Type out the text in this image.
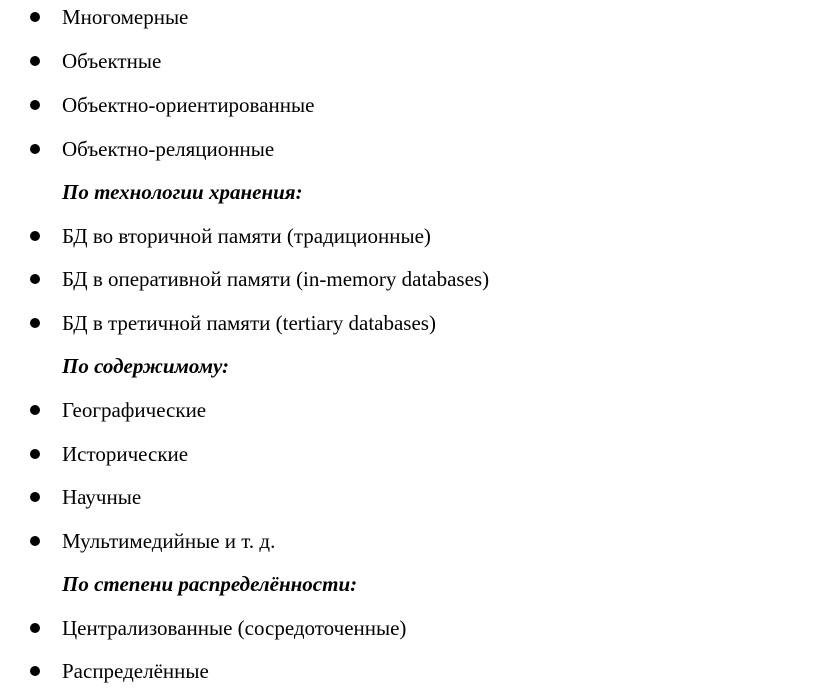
Многомерные
Объектные
Объектно-ориентированные
Объектно-реляционные
По технологии хранения:
БД во вторичной памяти (традиционные)
БД в оперативной памяти (in-memory databases)
БД в третичной памяти (tertiary databases)
По содержимому:
Географические
Исторические
Научные
Мультимедийные и т. д.
По степени распределённости:
Централизованные (сосредоточенные)
Распределённые
